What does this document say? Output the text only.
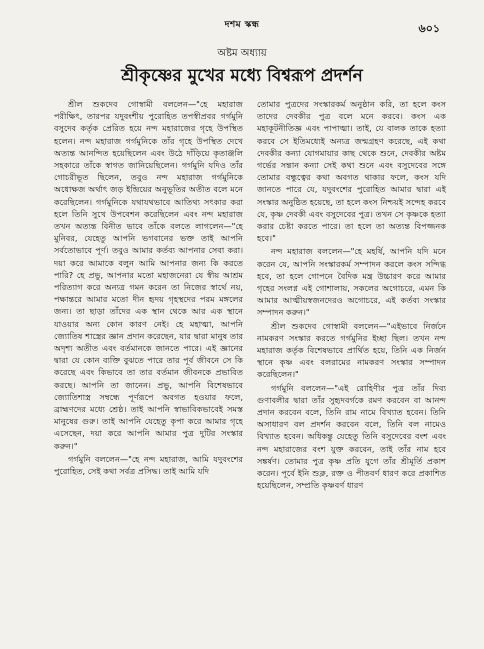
দশম স্কন্ধ	৬০১
অষ্টম অধ্যায়
শ্রীকৃষ্ণের মুখের মধ্যে বিশ্বরূপ প্রদর্শন

শ্রীল শুকদেব গোস্বামী বললেন—"হে মহারাজ পরীক্ষিৎ, তারপর যদুবংশীয় পুরোহিত তপস্বীপ্রবর গর্গমুনি বসুদেব কর্তৃক প্রেরিত হয়ে নন্দ মহারাজের গৃহে উপস্থিত হলেন। নন্দ মহারাজ গর্গমুনিকে তাঁর গৃহে উপস্থিত দেখে অত্যন্ত আনন্দিত হয়েছিলেন এবং উঠে দাঁড়িয়ে কৃতাঞ্জলি সহকারে তাঁকে স্বাগত জানিয়েছিলেন। গর্গমুনি যদিও তাঁর গোচরীভূত ছিলেন, তবুও নন্দ মহারাজ গর্গমুনিকে অধোক্ষজ অর্থাৎ জড় ইন্দ্রিয়ের অনুভূতির অতীত বলে মনে করেছিলেন। গর্গমুনিকে যথাযথভাবে আতিথ্য সৎকার করা হলে তিনি সুখে উপবেশন করেছিলেন এবং নন্দ মহারাজ তখন অত্যন্ত বিনীত ভাবে তাঁকে বলতে লাগলেন—"হে মুনিবর, যেহেতু আপনি ভগবানের ভক্ত তাই আপনি সর্বতোভাবে পূর্ণ। তবুও আমার কর্তব্য আপনার সেবা করা। দয়া করে আমাকে বলুন আমি আপনার জন্য কি করতে পারি? হে প্রভু, আপনার মতো মহাজনেরা যে স্বীয় আশ্রম পরিত্যাগ করে অন্যত্র গমন করেন তা নিজের স্বার্থে নয়, পক্ষান্তরে আমার মতো দীন হৃদয় গৃহস্থদের পরম মঙ্গলের জন্য। তা ছাড়া তাঁদের এক স্থান থেকে আর এক স্থানে যাওয়ার অন্য কোন কারণ নেই। হে মহাত্মা, আপনি জ্যোতিষ শাস্ত্রের জ্ঞান প্রদান করেছেন, যার দ্বারা মানুষ তার অদৃশ্য অতীত এবং বর্তমানকে জানতে পারে। এই জ্ঞানের দ্বারা যে কোন ব্যক্তি বুঝতে পারে তার পূর্ব জীবনে সে কি করেছে এবং কিভাবে তা তার বর্তমান জীবনকে প্রভাবিত করছে। আপনি তা জানেন। প্রভু, আপনি বিশেষভাবে জ্যোতিশাস্ত্র সম্বন্ধে পূর্ণরূপে অবগত হওয়ার ফলে, ব্রাহ্মণদের মধ্যে শ্রেষ্ঠ। তাই আপনি স্বাভাবিকভাবেই সমস্ত মানুষের গুরু। তাই আপনি যেহেতু কৃপা করে আমার গৃহে এসেছেন, দয়া করে আপনি আমার পুত্র দুটির সংস্কার করুন।"

গর্গমুনি বললেন—"হে নন্দ মহারাজ, আমি যদুবংশের পুরোহিত, সেই কথা সর্বত্র প্রসিদ্ধ। তাই আমি যদি

তোমার পুত্রদের সংস্কারকর্ম অনুষ্ঠান করি, তা হলে কংস তাদের দেবকীর পুত্র বলে মনে করবে। কংস এক মহাকূটনীতিজ্ঞ এবং পাপাত্মা। তাই, যে বালক তাকে হত্যা করবে সে ইতিমধ্যেই অন্যত্র জন্মগ্রহণ করেছে, এই কথা দেবকীর কন্যা যোগমায়ার কাছ থেকে শুনে, দেবকীর অষ্টম গর্ভের সন্তান কন্যা সেই কথা শুনে এবং বসুদেবের সঙ্গে তোমার বন্ধুত্বের কথা অবগত থাকার ফলে, কংস যদি জানতে পারে যে, যদুবংশের পুরোহিত আমার দ্বারা এই সংস্কার অনুষ্ঠিত হয়েছে, তা হলে কংস নিশ্চয়ই সন্দেহ করবে যে, কৃষ্ণ দেবকী এবং বসুদেবের পুত্র। তখন সে কৃষ্ণকে হত্যা করার চেষ্টা করতে পারে। তা হলে তা অত্যন্ত বিপজ্জনক হবে।"

নন্দ মহারাজ বললেন—"হে মহর্ষি, আপনি যদি মনে করেন যে, আপনি সংস্কারকর্ম সম্পাদন করলে কংস সন্দিগ্ধ হবে, তা হলে গোপনে বৈদিক মন্ত্র উচ্চারণ করে আমার গৃহের সংলগ্ন এই গোশালায়, সকলের অগোচরে, এমন কি আমার আত্মীয়স্বজনদেরও অগোচরে, এই কর্তব্য সংস্কার সম্পাদন করুন।"

শ্রীল শুকদেব গোস্বামী বললেন—"এইভাবে নির্জনে নামকরণ সংস্কার করতে গর্গমুনির ইচ্ছা ছিল। তখন নন্দ মহারাজ কর্তৃক বিশেষভাবে প্রার্থিত হয়ে, তিনি এক নির্জন স্থানে কৃষ্ণ এবং বলরামের নামকরণ সংস্কার সম্পাদন করেছিলেন।"

গর্গমুনি বললেন—"এই রোহিণীর পুত্র তাঁর দিব্য গুণাবলীর দ্বারা তাঁর সুহৃদবর্গকে রমণ করবেন বা আনন্দ প্রদান করবেন বলে, তিনি রাম নামে বিখ্যাত হবেন। তিনি অসাধারণ বল প্রদর্শন করবেন বলে, তিনি বল নামেও বিখ্যাত হবেন। অধিকন্তু যেহেতু তিনি বসুদেবের বংশ এবং নন্দ মহারাজের বংশ যুক্ত করবেন, তাই তাঁর নাম হবে সঙ্কর্ষণ। তোমার পুত্র কৃষ্ণ প্রতি যুগে তাঁর শ্রীমূর্তি প্রকাশ করেন। পূর্বে ইনি শুক্ল, রক্ত ও পীতবর্ণ ধারণ করে প্রকাশিত হয়েছিলেন, সম্প্রতি কৃষ্ণবর্ণ ধারণ
